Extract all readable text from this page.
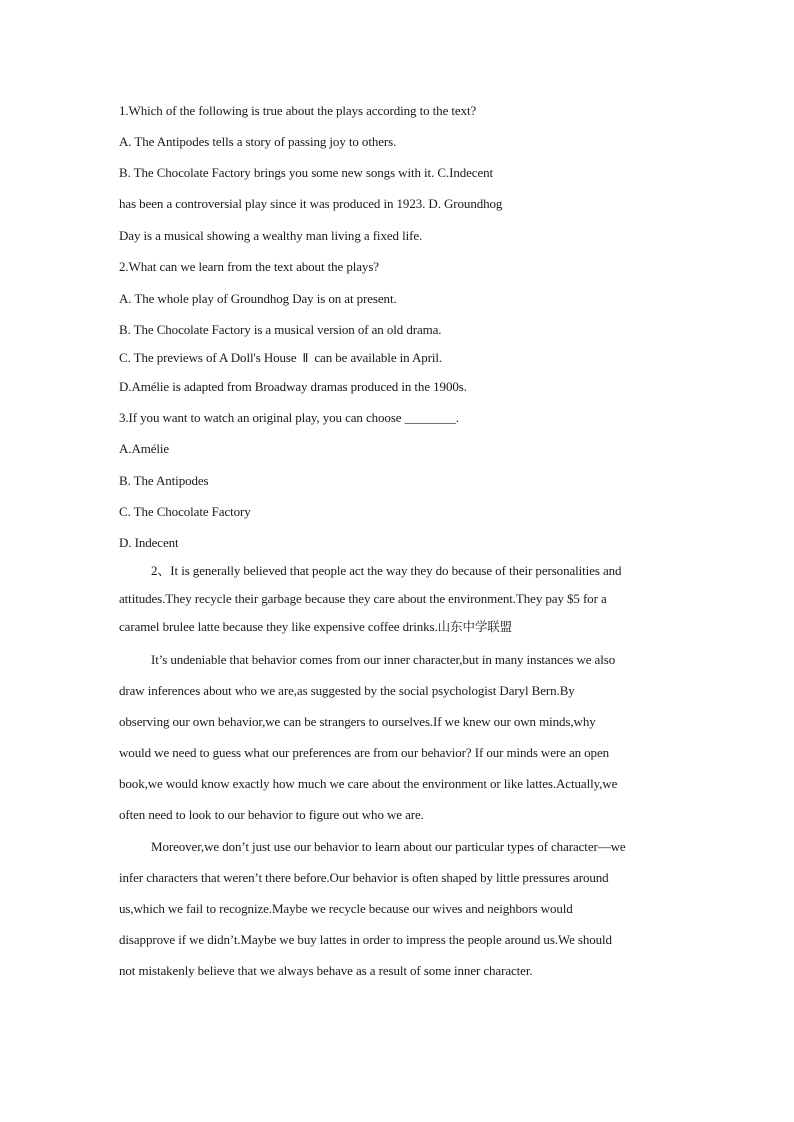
1.Which of the following is true about the plays according to the text?
A. The Antipodes tells a story of passing joy to others.
B. The Chocolate Factory brings you some new songs with it. C.Indecent
has been a controversial play since it was produced in 1923. D. Groundhog
Day is a musical showing a wealthy man living a fixed life.
2.What can we learn from the text about the plays?
A. The whole play of Groundhog Day is on at present.
B. The Chocolate Factory is a musical version of an old drama.
C. The previews of A Doll's House Ⅱ can be available in April.
D.Amélie is adapted from Broadway dramas produced in the 1900s.
3.If you want to watch an original play, you can choose ________.
A.Amélie
B. The Antipodes
C. The Chocolate Factory
D. Indecent
2、It is generally believed that people act the way they do because of their personalities and
attitudes.They recycle their garbage because they care about the environment.They pay $5 for a
caramel brulee latte because they like expensive coffee drinks.山东中学联盟
It’s undeniable that behavior comes from our inner character,but in many instances we also
draw inferences about who we are,as suggested by the social psychologist Daryl Bern.By
observing our own behavior,we can be strangers to ourselves.If we knew our own minds,why
would we need to guess what our preferences are from our behavior? If our minds were an open
book,we would know exactly how much we care about the environment or like lattes.Actually,we
often need to look to our behavior to figure out who we are.
Moreover,we don’t just use our behavior to learn about our particular types of character—we
infer characters that weren’t there before.Our behavior is often shaped by little pressures around
us,which we fail to recognize.Maybe we recycle because our wives and neighbors would
disapprove if we didn’t.Maybe we buy lattes in order to impress the people around us.We should
not mistakenly believe that we always behave as a result of some inner character.
